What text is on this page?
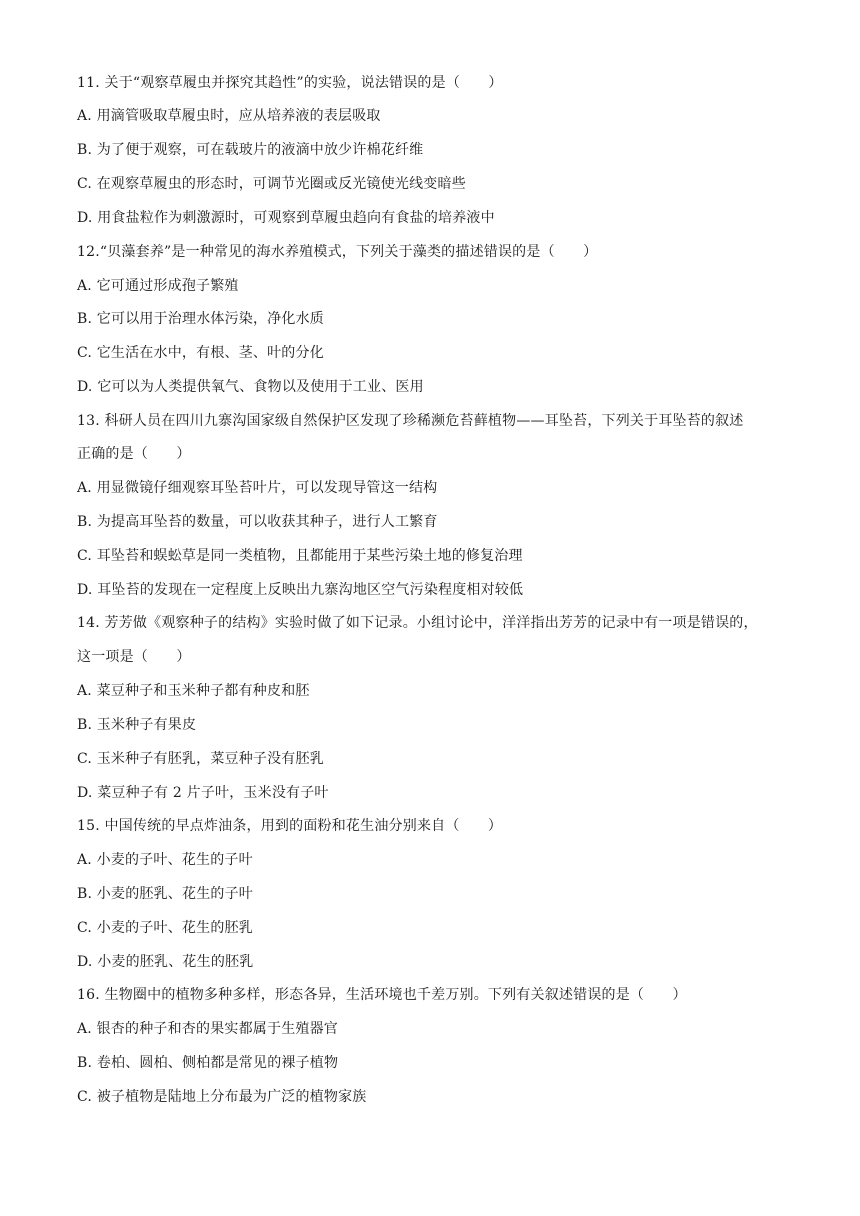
11. 关于“观察草履虫并探究其趋性”的实验，说法错误的是（　　）
A. 用滴管吸取草履虫时，应从培养液的表层吸取
B. 为了便于观察，可在载玻片的液滴中放少许棉花纤维
C. 在观察草履虫的形态时，可调节光圈或反光镜使光线变暗些
D. 用食盐粒作为刺激源时，可观察到草履虫趋向有食盐的培养液中
12.“贝藻套养”是一种常见的海水养殖模式，下列关于藻类的描述错误的是（　　）
A. 它可通过形成孢子繁殖
B. 它可以用于治理水体污染，净化水质
C. 它生活在水中，有根、茎、叶的分化
D. 它可以为人类提供氧气、食物以及使用于工业、医用
13. 科研人员在四川九寨沟国家级自然保护区发现了珍稀濒危苔藓植物——耳坠苔，下列关于耳坠苔的叙述
正确的是（　　）
A. 用显微镜仔细观察耳坠苔叶片，可以发现导管这一结构
B. 为提高耳坠苔的数量，可以收获其种子，进行人工繁育
C. 耳坠苔和蜈蚣草是同一类植物，且都能用于某些污染土地的修复治理
D. 耳坠苔的发现在一定程度上反映出九寨沟地区空气污染程度相对较低
14. 芳芳做《观察种子的结构》实验时做了如下记录。小组讨论中，洋洋指出芳芳的记录中有一项是错误的，
这一项是（　　）
A. 菜豆种子和玉米种子都有种皮和胚
B. 玉米种子有果皮
C. 玉米种子有胚乳，菜豆种子没有胚乳
D. 菜豆种子有 2 片子叶，玉米没有子叶
15. 中国传统的早点炸油条，用到的面粉和花生油分别来自（　　）
A. 小麦的子叶、花生的子叶
B. 小麦的胚乳、花生的子叶
C. 小麦的子叶、花生的胚乳
D. 小麦的胚乳、花生的胚乳
16. 生物圈中的植物多种多样，形态各异，生活环境也千差万别。下列有关叙述错误的是（　　）
A. 银杏的种子和杏的果实都属于生殖器官
B. 卷柏、圆柏、侧柏都是常见的裸子植物
C. 被子植物是陆地上分布最为广泛的植物家族
